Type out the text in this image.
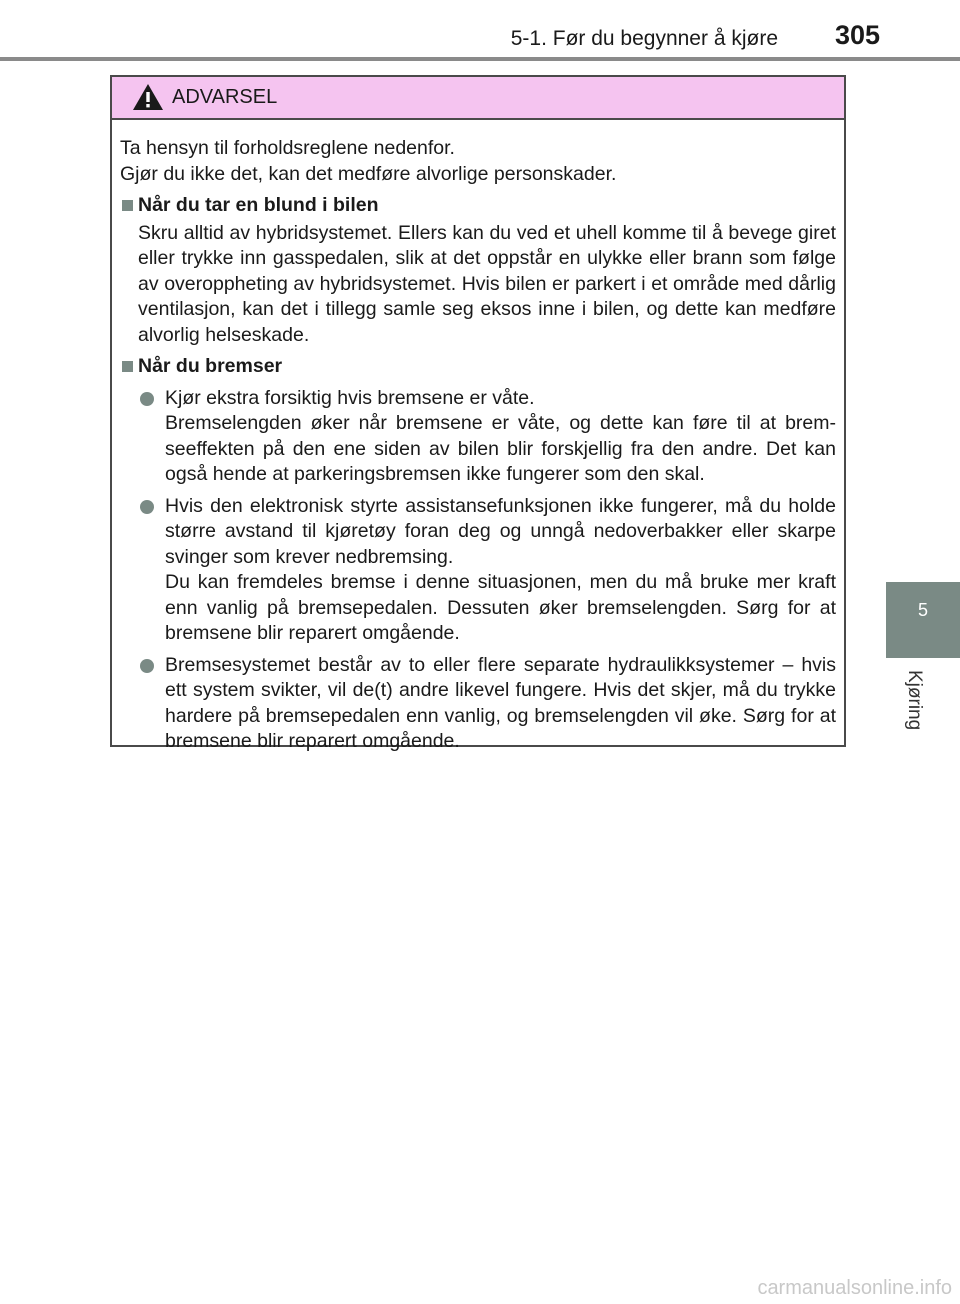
5-1. Før du begynner å kjøre 305
5
Kjøring
ADVARSEL

Ta hensyn til forholdsreglene nedenfor.

Gjør du ikke det, kan det medføre alvorlige personskader.

Når du tar en blund i bilen
Skru alltid av hybridsystemet. Ellers kan du ved et uhell komme til å bevege giret eller trykke inn gasspedalen, slik at det oppstår en ulykke eller brann som følge av overoppheting av hybridsystemet. Hvis bilen er parkert i et område med dårlig ventilasjon, kan det i tillegg samle seg eksos inne i bilen, og dette kan medføre alvorlig helseskade.
Når du bremser

Kjør ekstra forsiktig hvis bremsene er våte.

Bremselengden øker når bremsene er våte, og dette kan føre til at brem-seeffekten på den ene siden av bilen blir forskjellig fra den andre. Det kan også hende at parkeringsbremsen ikke fungerer som den skal.

Hvis den elektronisk styrte assistansefunksjonen ikke fungerer, må du holde større avstand til kjøretøy foran deg og unngå nedoverbakker eller skarpe svinger som krever nedbremsing.

Du kan fremdeles bremse i denne situasjonen, men du må bruke mer kraft enn vanlig på bremsepedalen. Dessuten øker bremselengden. Sørg for at bremsene blir reparert omgående.

Bremsesystemet består av to eller flere separate hydraulikksystemer – hvis ett system svikter, vil de(t) andre likevel fungere. Hvis det skjer, må du trykke hardere på bremsepedalen enn vanlig, og bremselengden vil øke. Sørg for at bremsene blir reparert omgående.

carmanualsonline.info
